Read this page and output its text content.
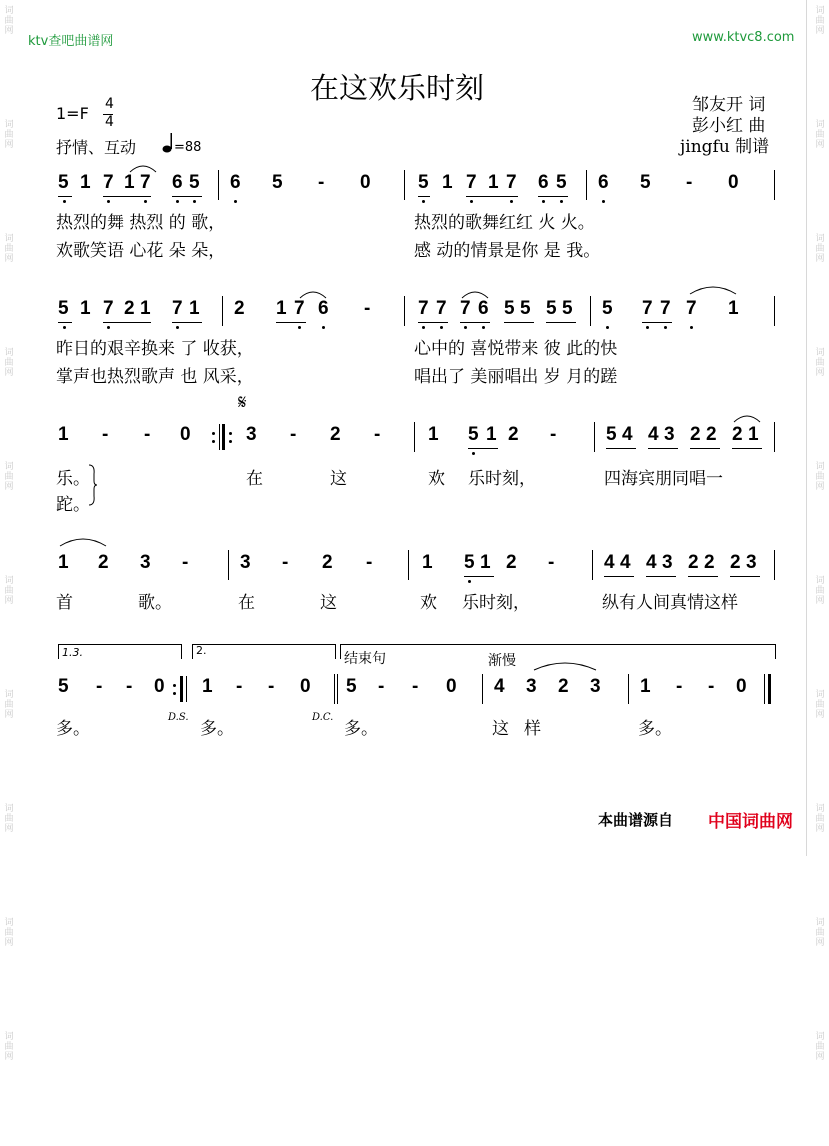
词
曲
网
词
曲
网
词
曲
网
词
曲
网
词
曲
网
词
曲
网
词
曲
网
词
曲
网
词
曲
网
词
曲
网
词
曲
网
词
曲
网
词
曲
网
词
曲
网
词
曲
网
词
曲
网
词
曲
网
词
曲
网
词
曲
网
词
曲
网
ktv查吧曲谱网	www.ktvc8.com
在这欢乐时刻	邹友开 词
彭小红 曲
jingfu 制谱
1=F 4
4
抒情、互动	=88
5 1 7 1 7 6 5 6 5 - 0 5 1 7 1 7 6 5 6 5 - 0
热烈的舞 热烈 的 歌，	热烈的歌舞红红 火 火。
欢歌笑语 心花 朵 朵，	感 动的情景是你 是 我。
5 1 7 2 1 7 1 2 1 7 6 -	7 7 7 6 5 5 5 5 5 7 7 7 1
昨日的艰辛换来 了 收获，	心中的 喜悦带来 彼 此的快
掌声也热烈歌声 也 风采，	唱出了 美丽唱出 岁 月的蹉
𝄋
1 - - 0	3 - 2 -	1 5 1 2 -	5 4 4 3 2 2 2 1
乐。	在	这	欢 乐时刻，	四海宾朋同唱一
跎。
1 2 3 -	3 - 2 -	1 5 1 2 -	4 4 4 3 2 2 2 3
首	歌。	在	这	欢 乐时刻，	纵有人间真情这样
1.3.	2.
结束句	渐慢
5 - - 0 1 - - 0 5 - - 0 4 3 2 3 1 - - 0
多。
D.S.
多。
D.C.
多。	这 样	多。
本曲谱源自 中国词曲网
